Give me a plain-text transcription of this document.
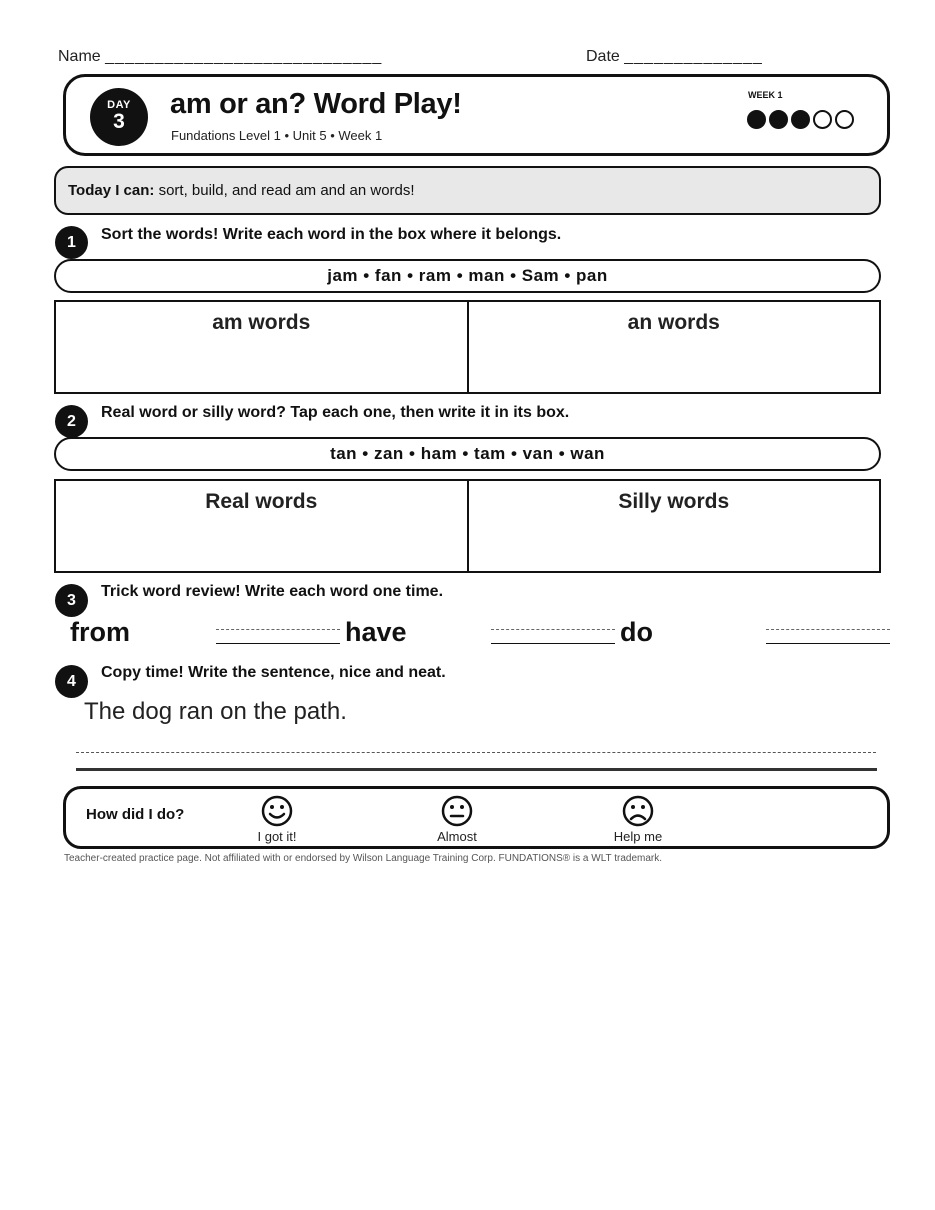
Name ____________________________	Date ______________
DAY
3
am or an? Word Play!
Fundations Level 1 • Unit 5 • Week 1
WEEK 1
Today I can: sort, build, and read am and an words!
1	Sort the words! Write each word in the box where it belongs.
jam • fan • ram • man • Sam • pan
am words	an words
2
Real word or silly word? Tap each one, then write it in its box.
tan • zan • ham • tam • van • wan
Real words	Silly words
3
Trick word review! Write each word one time.
from	have	do
4
Copy time! Write the sentence, nice and neat.
The dog ran on the path.
How did I do?
I got it!	Almost	Help me
Teacher-created practice page. Not affiliated with or endorsed by Wilson Language Training Corp. FUNDATIONS® is a WLT trademark.
